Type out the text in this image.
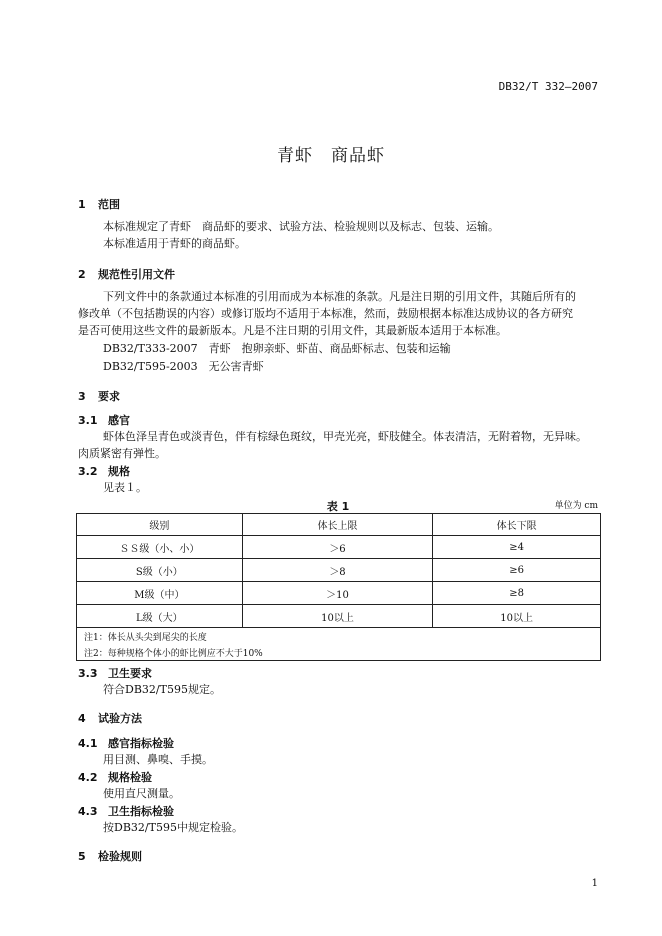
DB32/T 332—2007
青虾　商品虾
1 范围
本标准规定了青虾　商品虾的要求、试验方法、检验规则以及标志、包装、运输。
本标准适用于青虾的商品虾。
2 规范性引用文件
下列文件中的条款通过本标准的引用而成为本标准的条款。凡是注日期的引用文件，其随后所有的
修改单（不包括勘误的内容）或修订版均不适用于本标准，然而，鼓励根据本标准达成协议的各方研究
是否可使用这些文件的最新版本。凡是不注日期的引用文件，其最新版本适用于本标准。
DB32/T333-2007　青虾　抱卵亲虾、虾苗、商品虾标志、包装和运输
DB32/T595-2003　无公害青虾
3 要求
3.1 感官
虾体色泽呈青色或淡青色，伴有棕绿色斑纹，甲壳光亮，虾肢健全。体表清洁，无附着物，无异味。
肉质紧密有弹性。
3.2 规格
见表１。
表 1	单位为 cm
级别	体长上限	体长下限
ＳＳ级（小、小）	＞6	≥4
S级（小）	＞8	≥6
M级（中）	＞10	≥8
L级（大）	10以上	10以上
注1：体长从头尖到尾尖的长度		
注2：每种规格个体小的虾比例应不大于10%		
3.3 卫生要求
符合DB32/T595规定。
4 试验方法
4.1 感官指标检验
用目测、鼻嗅、手摸。
4.2 规格检验
使用直尺测量。
4.3 卫生指标检验
按DB32/T595中规定检验。
5 检验规则
1
